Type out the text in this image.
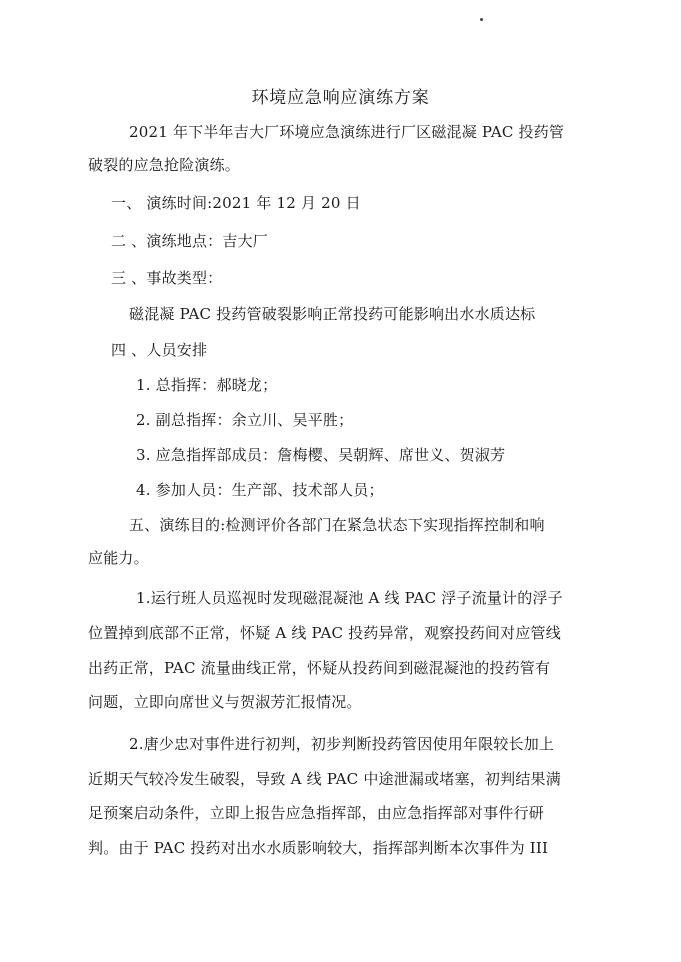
环境应急响应演练方案
2021 年下半年吉大厂环境应急演练进行厂区磁混凝 PAC 投药管
破裂的应急抢险演练。
一、 演练时间:2021 年 12 月 20 日
二 、演练地点：吉大厂
三 、事故类型：
磁混凝 PAC 投药管破裂影响正常投药可能影响出水水质达标
四 、人员安排
1. 总指挥：郝晓龙；
2. 副总指挥：余立川、吴平胜；
3. 应急指挥部成员：詹梅樱、吴朝辉、席世义、贺淑芳
4. 参加人员：生产部、技术部人员；
五、演练目的:检测评价各部门在紧急状态下实现指挥控制和响
应能力。
1.运行班人员巡视时发现磁混凝池 A 线 PAC 浮子流量计的浮子
位置掉到底部不正常，怀疑 A 线 PAC 投药异常，观察投药间对应管线
出药正常，PAC 流量曲线正常，怀疑从投药间到磁混凝池的投药管有
问题，立即向席世义与贺淑芳汇报情况。
2.唐少忠对事件进行初判，初步判断投药管因使用年限较长加上
近期天气较冷发生破裂，导致 A 线 PAC 中途泄漏或堵塞，初判结果满
足预案启动条件，立即上报告应急指挥部，由应急指挥部对事件行研
判。由于 PAC 投药对出水水质影响较大，指挥部判断本次事件为 III
